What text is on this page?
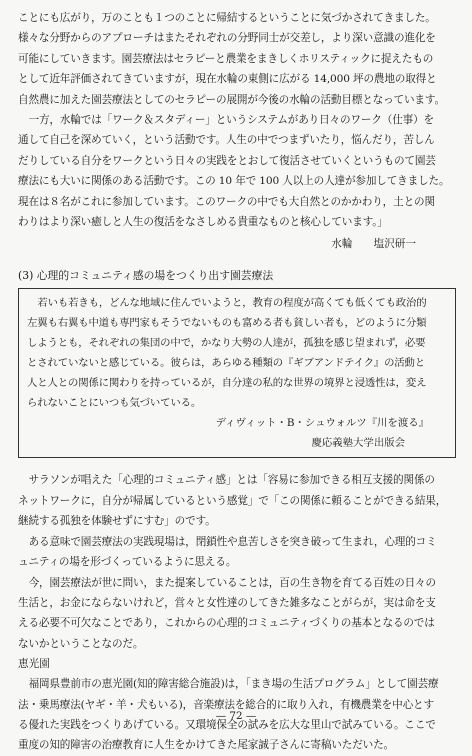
ことにも広がり，万のことも１つのことに帰結するということに気づかされてきました。

様々な分野からのアプローチはまたそれぞれの分野同士が交差し，より深い意識の進化を

可能にしていきます。園芸療法はセラピーと農業をまきしくホリスティックに捉えたもの

として近年評価されてきていますが，現在水輪の東側に広がる 14,000 坪の農地の取得と

自然農に加えた園芸療法としてのセラピーの展開が今後の水輪の活動目標となっています。

一方，水輪では「ワーク＆スタディー」というシステムがあり日々のワーク（仕事）を

通して自己を深めていく，という活動です。人生の中でつまずいたり，悩んだり，苦しん

だりしている自分をワークという日々の実践をとおして復活させていくというものて園芸

療法にも大いに関係のある活動です。この 10 年で 100 人以上の人達が参加してきました。

現在は８名がこれに参加しています。このワークの中でも大自然とのかかわり，土との関

わりはより深い癒しと人生の復活をなさしめる貴重なものと核心しています。」

水輪　　塩沢研一
(3) 心理的コミュニティ感の場をつくり出す園芸療法

若いも若きも，どんな地域に住んでいようと，教育の程度が高くても低くても政治的

左翼も右翼も中道も専門家もそうでないものも富める者も貧しい者も，どのように分類

しようとも，それぞれの集団の中で，かなり大勢の人達が，孤独を感じ望まれず，必要

とされていないと感じている。彼らは，あらゆる種類の『ギブアンドテイク』の活動と

人と人との関係に関わりを持っているが，自分達の私的な世界の境界と浸透性は，変え

られないことにいつも気づいている。

ディヴィット・B・シュウォルツ『川を渡る』
慶応義塾大学出版会

サラソンが唱えた「心理的コミュニティ感」とは「容易に参加できる相互支援的関係の

ネットワークに，自分が帰属しているという感覚」で「この関係に頼ることができる結果，

継続する孤独を体験せずにすむ」のです。

ある意味で園芸療法の実践現場は，閉鎖性や息苦しさを突き破って生まれ，心理的コミ

ュニティの場を形づくっているように思える。

今，園芸療法が世に問い，また提案していることは，百の生き物を育てる百姓の日々の

生活と，お金にならないけれど，営々と女性達のしてきた雑多なことがらが，実は命を支

える必要不可欠なことであり，これからの心理的コミュニティづくりの基本となるのでは

ないかということなのだ。

恵光園

福岡県豊前市の恵光園(知的障害総合施設)は，「まき場の生活プログラム」として園芸療

法・乗馬療法(ヤギ・羊・犬もいる)，音楽療法を総合的に取り入れ，有機農業を中心とす

る優れた実践をつくりあげている。又環境保全の試みを広大な里山で試みている。ここで

重度の知的障害の治療教育に人生をかけてきた尾家誠子さんに寄稿いただいた。

— 72 —
